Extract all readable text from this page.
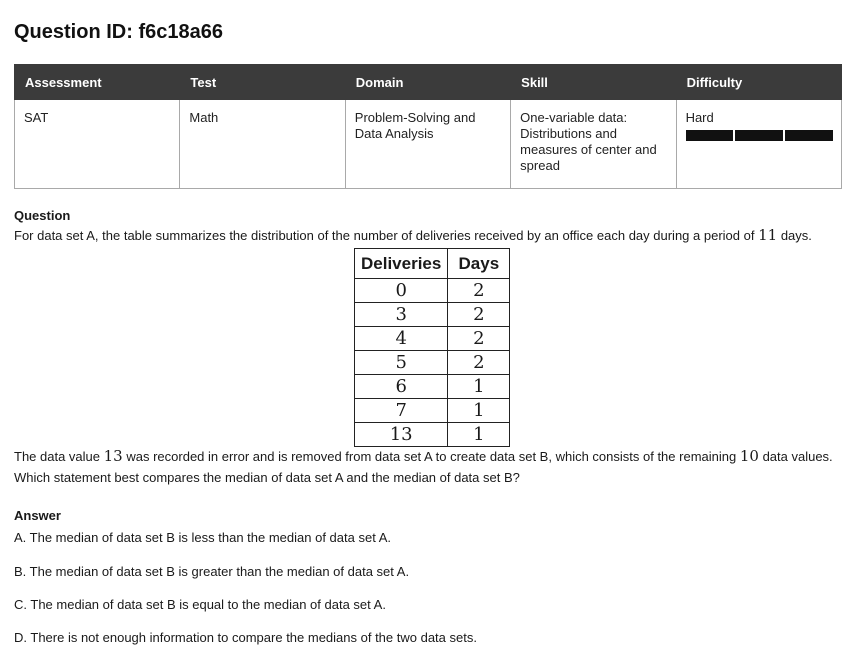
Question ID: f6c18a66
Assessment	Test	Domain	Skill	Difficulty
SAT	Math	Problem-Solving and Data Analysis	One-variable data: Distributions and measures of center and spread	Hard
Question

For data set A, the table summarizes the distribution of the number of deliveries received by an office each day during a period of 11 days.

Deliveries	Days
0	2
3	2
4	2
5	2
6	1
7	1
13	1

The data value 13 was recorded in error and is removed from data set A to create data set B, which consists of the remaining 10 data values.

Which statement best compares the median of data set A and the median of data set B?

Answer

A. The median of data set B is less than the median of data set A.

B. The median of data set B is greater than the median of data set A.

C. The median of data set B is equal to the median of data set A.

D. There is not enough information to compare the medians of the two data sets.
